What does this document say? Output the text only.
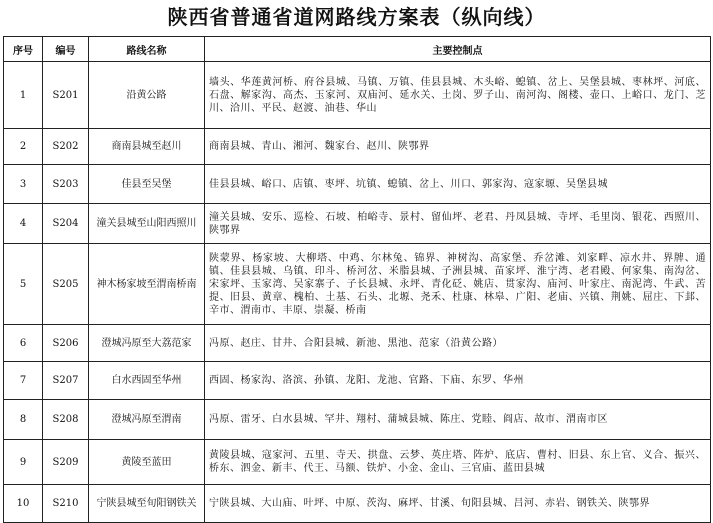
陕西省普通省道网路线方案表（纵向线）
序号	编号	路线名称	主要控制点
1	S201	沿黄公路	墙头、华莲黄河桥、府谷县城、马镇、万镇、佳县县城、木头峪、螅镇、岔上、吴堡县城、枣林坪、河底、石盘、解家沟、高杰、玉家河、双庙河、延水关、土岗、罗子山、南河沟、阁楼、壶口、上峪口、龙门、芝川、洽川、平民、赵渡、油巷、华山
2	S202	商南县城至赵川	商南县城、青山、湘河、魏家台、赵川、陕鄂界
3	S203	佳县至吴堡	佳县县城、峪口、店镇、枣坪、坑镇、螅镇、岔上、川口、郭家沟、寇家塬、吴堡县城
4	S204	潼关县城至山阳西照川	潼关县城、安乐、巡检、石坡、柏峪寺、景村、留仙坪、老君、丹凤县城、寺坪、毛里岗、银花、西照川、陕鄂界
5	S205	神木杨家坡至渭南桥南	陕蒙界、杨家坡、大柳塔、中鸡、尔林兔、锦界、神树沟、高家堡、乔岔滩、刘家畔、凉水井、界牌、通镇、佳县县城、乌镇、印斗、桥河岔、米脂县城、子洲县城、苗家坪、淮宁湾、老君殿、何家集、南沟岔、宋家坪、玉家湾、吴家寨子、子长县城、永坪、青化砭、姚店、贯家沟、庙河、叶家庄、南泥湾、牛武、苦提、旧县、黄章、槐柏、土基、石头、北塬、尧禾、杜康、林皋、广阳、老庙、兴镇、荆姚、屈庄、下邽、辛市、渭南市、丰原、崇凝、桥南
6	S206	澄城冯原至大荔范家	冯原、赵庄、甘井、合阳县城、新池、黑池、范家（沿黄公路）
7	S207	白水西固至华州	西固、杨家沟、洛滨、孙镇、龙阳、龙池、官路、下庙、东罗、华州
8	S208	澄城冯原至渭南	冯原、雷牙、白水县城、罕井、翔村、蒲城县城、陈庄、党睦、阎店、故市、渭南市区
9	S209	黄陵至蓝田	黄陵县城、寇家河、五里、寺天、拱盘、云梦、英庄塔、阵炉、底店、曹村、旧县、东上官、义合、振兴、桥东、泗金、新丰、代王、马额、铁炉、小金、金山、三官庙、蓝田县城
10	S210	宁陕县城至旬阳钢铁关	宁陕县城、大山庙、叶坪、中原、茨沟、麻坪、甘溪、旬阳县城、吕河、赤岩、钢铁关、陕鄂界
